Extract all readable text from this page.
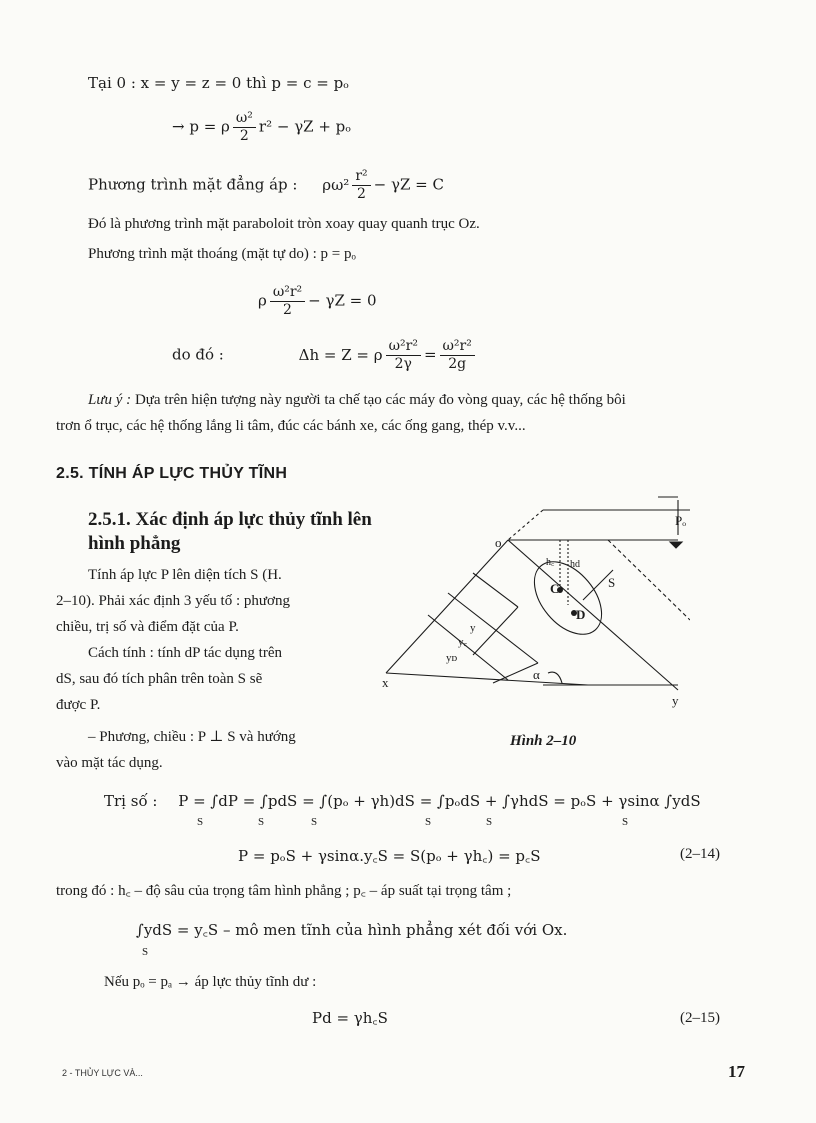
Tại 0 : x = y = z = 0 thì p = c = pₒ
→ p = ρ $\frac{\text{ω²}}{2} r^2 - \gamma Z + p_o$
Phương trình mặt đẳng áp : $\rho\omega^2 \frac{\text{r²}}{2} - \gamma Z = C$
Đó là phương trình mặt paraboloit tròn xoay quay quanh trục Oz.
Phương trình mặt thoáng (mặt tự do) : p = pₒ
ρ $\frac{\text{ω²r²}}{2} - \gamma Z = 0$
do đó :	Δh = Z = ρ $\frac{\text{ω²r²}}{2\gamma} = \frac{\text{ω²r²}}{2g}$
Lưu ý : Dựa trên hiện tượng này người ta chế tạo các máy đo vòng quay, các hệ thống bôi
trơn ổ trục, các hệ thống lắng li tâm, đúc các bánh xe, các ống gang, thép v.v...
2.5. TÍNH ÁP LỰC THỦY TĨNH
2.5.1. Xác định áp lực thủy tĩnh lên hình phẳng
Tính áp lực P lên diện tích S (H.
2–10). Phải xác định 3 yếu tố : phương
chiều, trị số và điểm đặt của P.
Cách tính : tính dP tác dụng trên
dS, sau đó tích phân trên toàn S sẽ
được P.
– Phương, chiều : P ⊥ S và hướng
vào mặt tác dụng.
Pₒ
o
x
y
C
D
S
α
h꜀ hd
y
y꜀
yᴅ
Hình 2–10
Trị số : P = ∫dP = ∫pdS = ∫(pₒ + γh)dS = ∫pₒdS + ∫γhdS = pₒS + γsinα ∫ydS
S	S	S	S	S	S
P = pₒS + γsinα.y꜀S = S(pₒ + γh꜀) = p꜀S	(2–14)
trong đó : h꜀ – độ sâu của trọng tâm hình phẳng ; p꜀ – áp suất tại trọng tâm ;
∫ydS = y꜀S – mô men tĩnh của hình phẳng xét đối với Ox.
S
Nếu pₒ = pₐ → áp lực thủy tĩnh dư :
Pd = γh꜀S	(2–15)
2 - THỦY LỰC VÀ...	17
